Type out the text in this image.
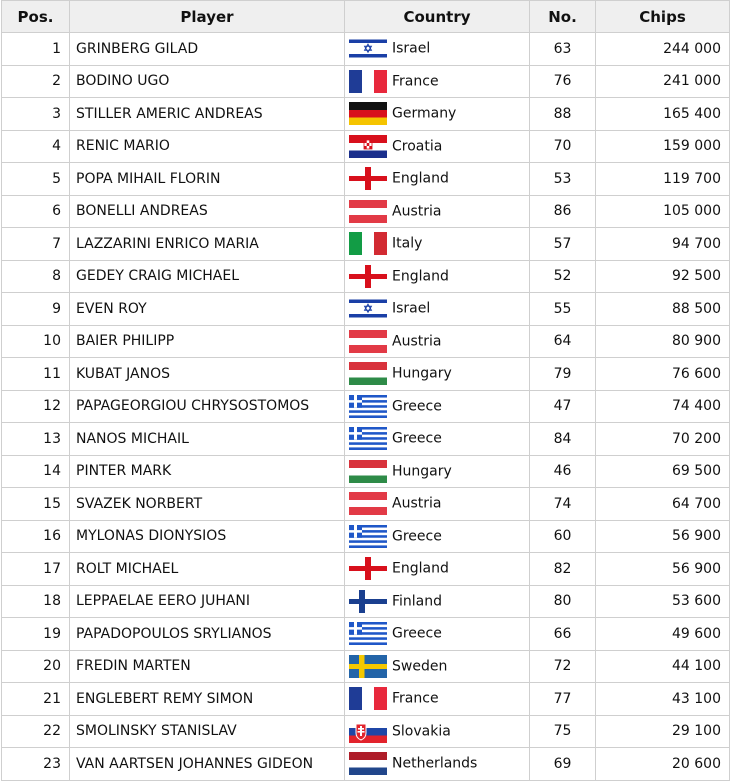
Pos.	Player	Country	No.	Chips
1	GRINBERG GILAD	Israel	63	244 000
2	BODINO UGO	France	76	241 000
3	STILLER AMERIC ANDREAS	Germany	88	165 400
4	RENIC MARIO	Croatia	70	159 000
5	POPA MIHAIL FLORIN	England	53	119 700
6	BONELLI ANDREAS	Austria	86	105 000
7	LAZZARINI ENRICO MARIA	Italy	57	94 700
8	GEDEY CRAIG MICHAEL	England	52	92 500
9	EVEN ROY	Israel	55	88 500
10	BAIER PHILIPP	Austria	64	80 900
11	KUBAT JANOS	Hungary	79	76 600
12	PAPAGEORGIOU CHRYSOSTOMOS	Greece	47	74 400
13	NANOS MICHAIL	Greece	84	70 200
14	PINTER MARK	Hungary	46	69 500
15	SVAZEK NORBERT	Austria	74	64 700
16	MYLONAS DIONYSIOS	Greece	60	56 900
17	ROLT MICHAEL	England	82	56 900
18	LEPPAELAE EERO JUHANI	Finland	80	53 600
19	PAPADOPOULOS SRYLIANOS	Greece	66	49 600
20	FREDIN MARTEN	Sweden	72	44 100
21	ENGLEBERT REMY SIMON	France	77	43 100
22	SMOLINSKY STANISLAV	Slovakia	75	29 100
23	VAN AARTSEN JOHANNES GIDEON	Netherlands	69	20 600
